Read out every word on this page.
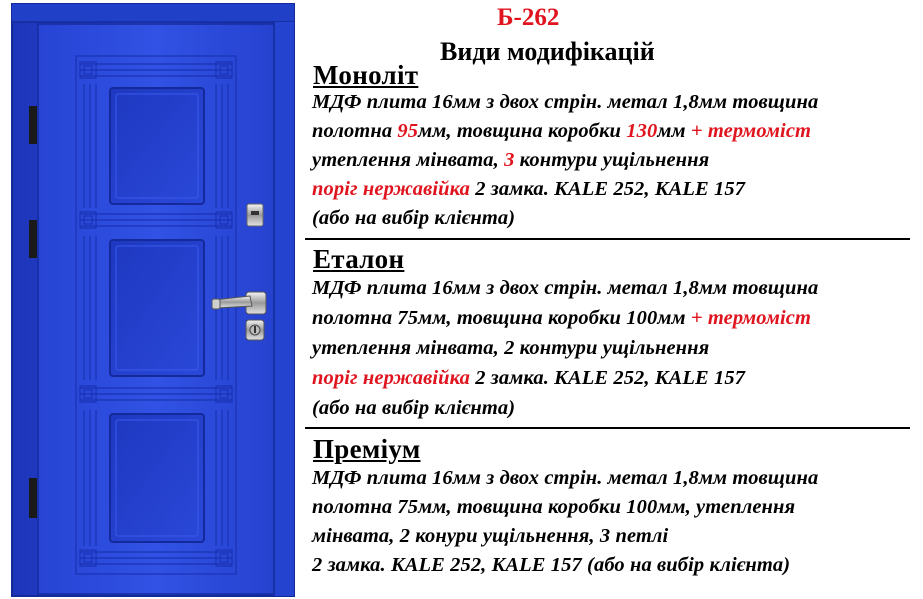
Б-262
Види модифікацій
Моноліт
Еталон
Преміум
МДФ плита 16мм з двох стрін. метал 1,8мм товщина
полотна 95мм, товщина коробки 130мм + термоміст
утеплення мінвата, 3 контури ущільнення
поріг нержавійка 2 замка. KALE 252, KALE 157
(або на вибір клієнта)
МДФ плита 16мм з двох стрін. метал 1,8мм товщина
полотна 75мм, товщина коробки 100мм + термоміст
утеплення мінвата, 2 контури ущільнення
поріг нержавійка 2 замка. KALE 252, KALE 157
(або на вибір клієнта)
МДФ плита 16мм з двох стрін. метал 1,8мм товщина
полотна 75мм, товщина коробки 100мм, утеплення
мінвата, 2 конури ущільнення, 3 петлі
2 замка. KALE 252, KALE 157 (або на вибір клієнта)
